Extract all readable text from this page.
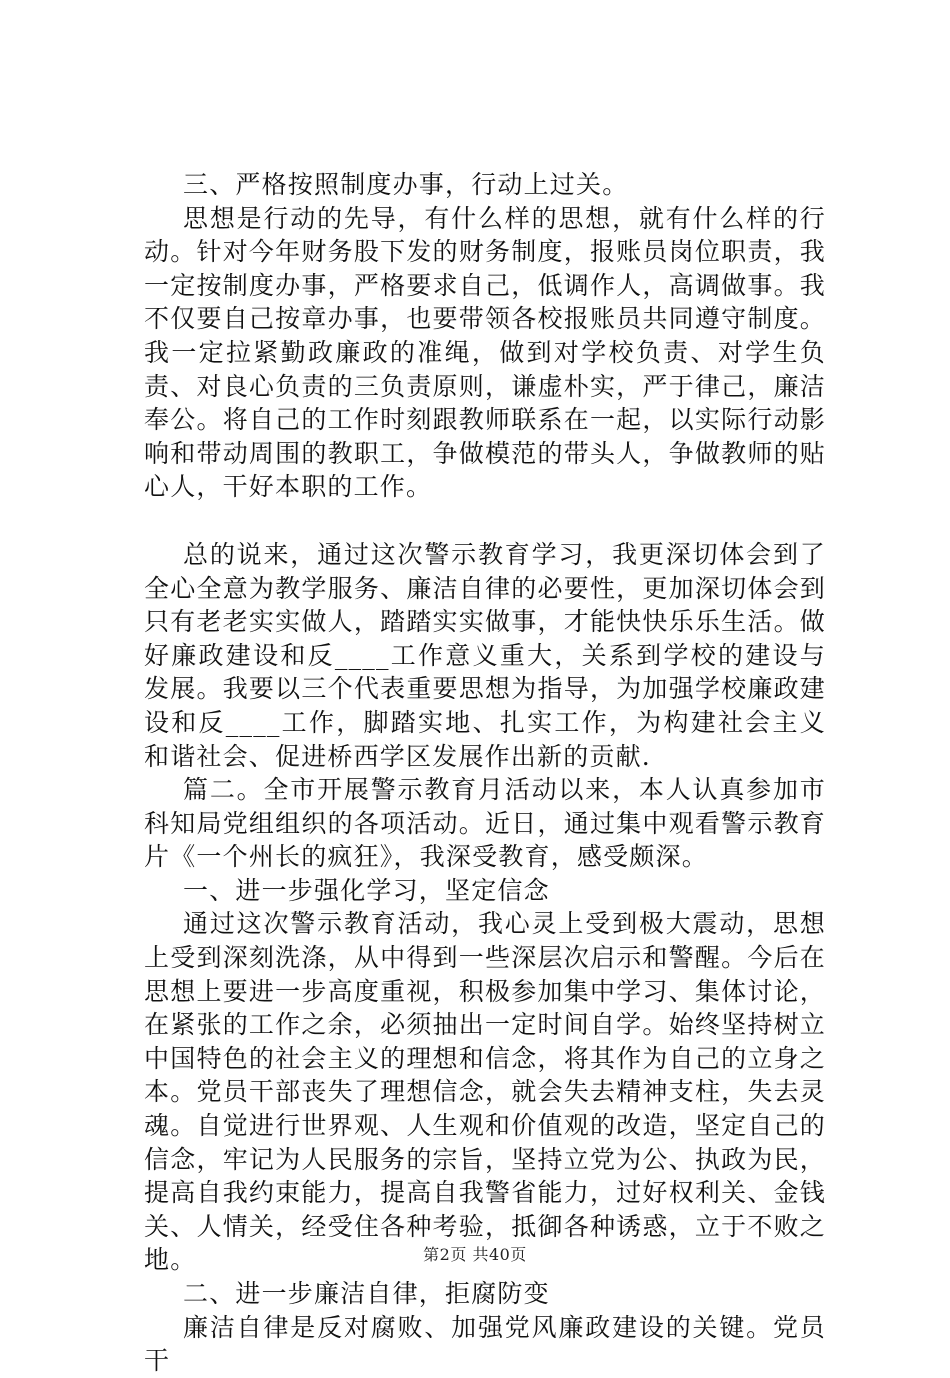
三、严格按照制度办事，行动上过关。

思想是行动的先导，有什么样的思想，就有什么样的行动。针对今年财务股下发的财务制度，报账员岗位职责，我一定按制度办事，严格要求自己，低调作人，高调做事。我不仅要自己按章办事，也要带领各校报账员共同遵守制度。我一定拉紧勤政廉政的准绳，做到对学校负责、对学生负责、对良心负责的三负责原则，谦虚朴实，严于律己，廉洁奉公。将自己的工作时刻跟教师联系在一起，以实际行动影响和带动周围的教职工，争做模范的带头人，争做教师的贴心人，干好本职的工作。

总的说来，通过这次警示教育学习，我更深切体会到了全心全意为教学服务、廉洁自律的必要性，更加深切体会到只有老老实实做人，踏踏实实做事，才能快快乐乐生活。做好廉政建设和反____工作意义重大，关系到学校的建设与发展。我要以三个代表重要思想为指导，为加强学校廉政建设和反____工作，脚踏实地、扎实工作，为构建社会主义和谐社会、促进桥西学区发展作出新的贡献.

篇二。全市开展警示教育月活动以来，本人认真参加市科知局党组组织的各项活动。近日，通过集中观看警示教育片《一个州长的疯狂》，我深受教育，感受颇深。

一、进一步强化学习，坚定信念

通过这次警示教育活动，我心灵上受到极大震动，思想上受到深刻洗涤，从中得到一些深层次启示和警醒。今后在思想上要进一步高度重视，积极参加集中学习、集体讨论，在紧张的工作之余，必须抽出一定时间自学。始终坚持树立中国特色的社会主义的理想和信念，将其作为自己的立身之本。党员干部丧失了理想信念，就会失去精神支柱，失去灵魂。自觉进行世界观、人生观和价值观的改造，坚定自己的信念，牢记为人民服务的宗旨，坚持立党为公、执政为民，提高自我约束能力，提高自我警省能力，过好权利关、金钱关、人情关，经受住各种考验，抵御各种诱惑，立于不败之地。

二、进一步廉洁自律，拒腐防变

廉洁自律是反对腐败、加强党风廉政建设的关键。党员干

第2页 共40页
